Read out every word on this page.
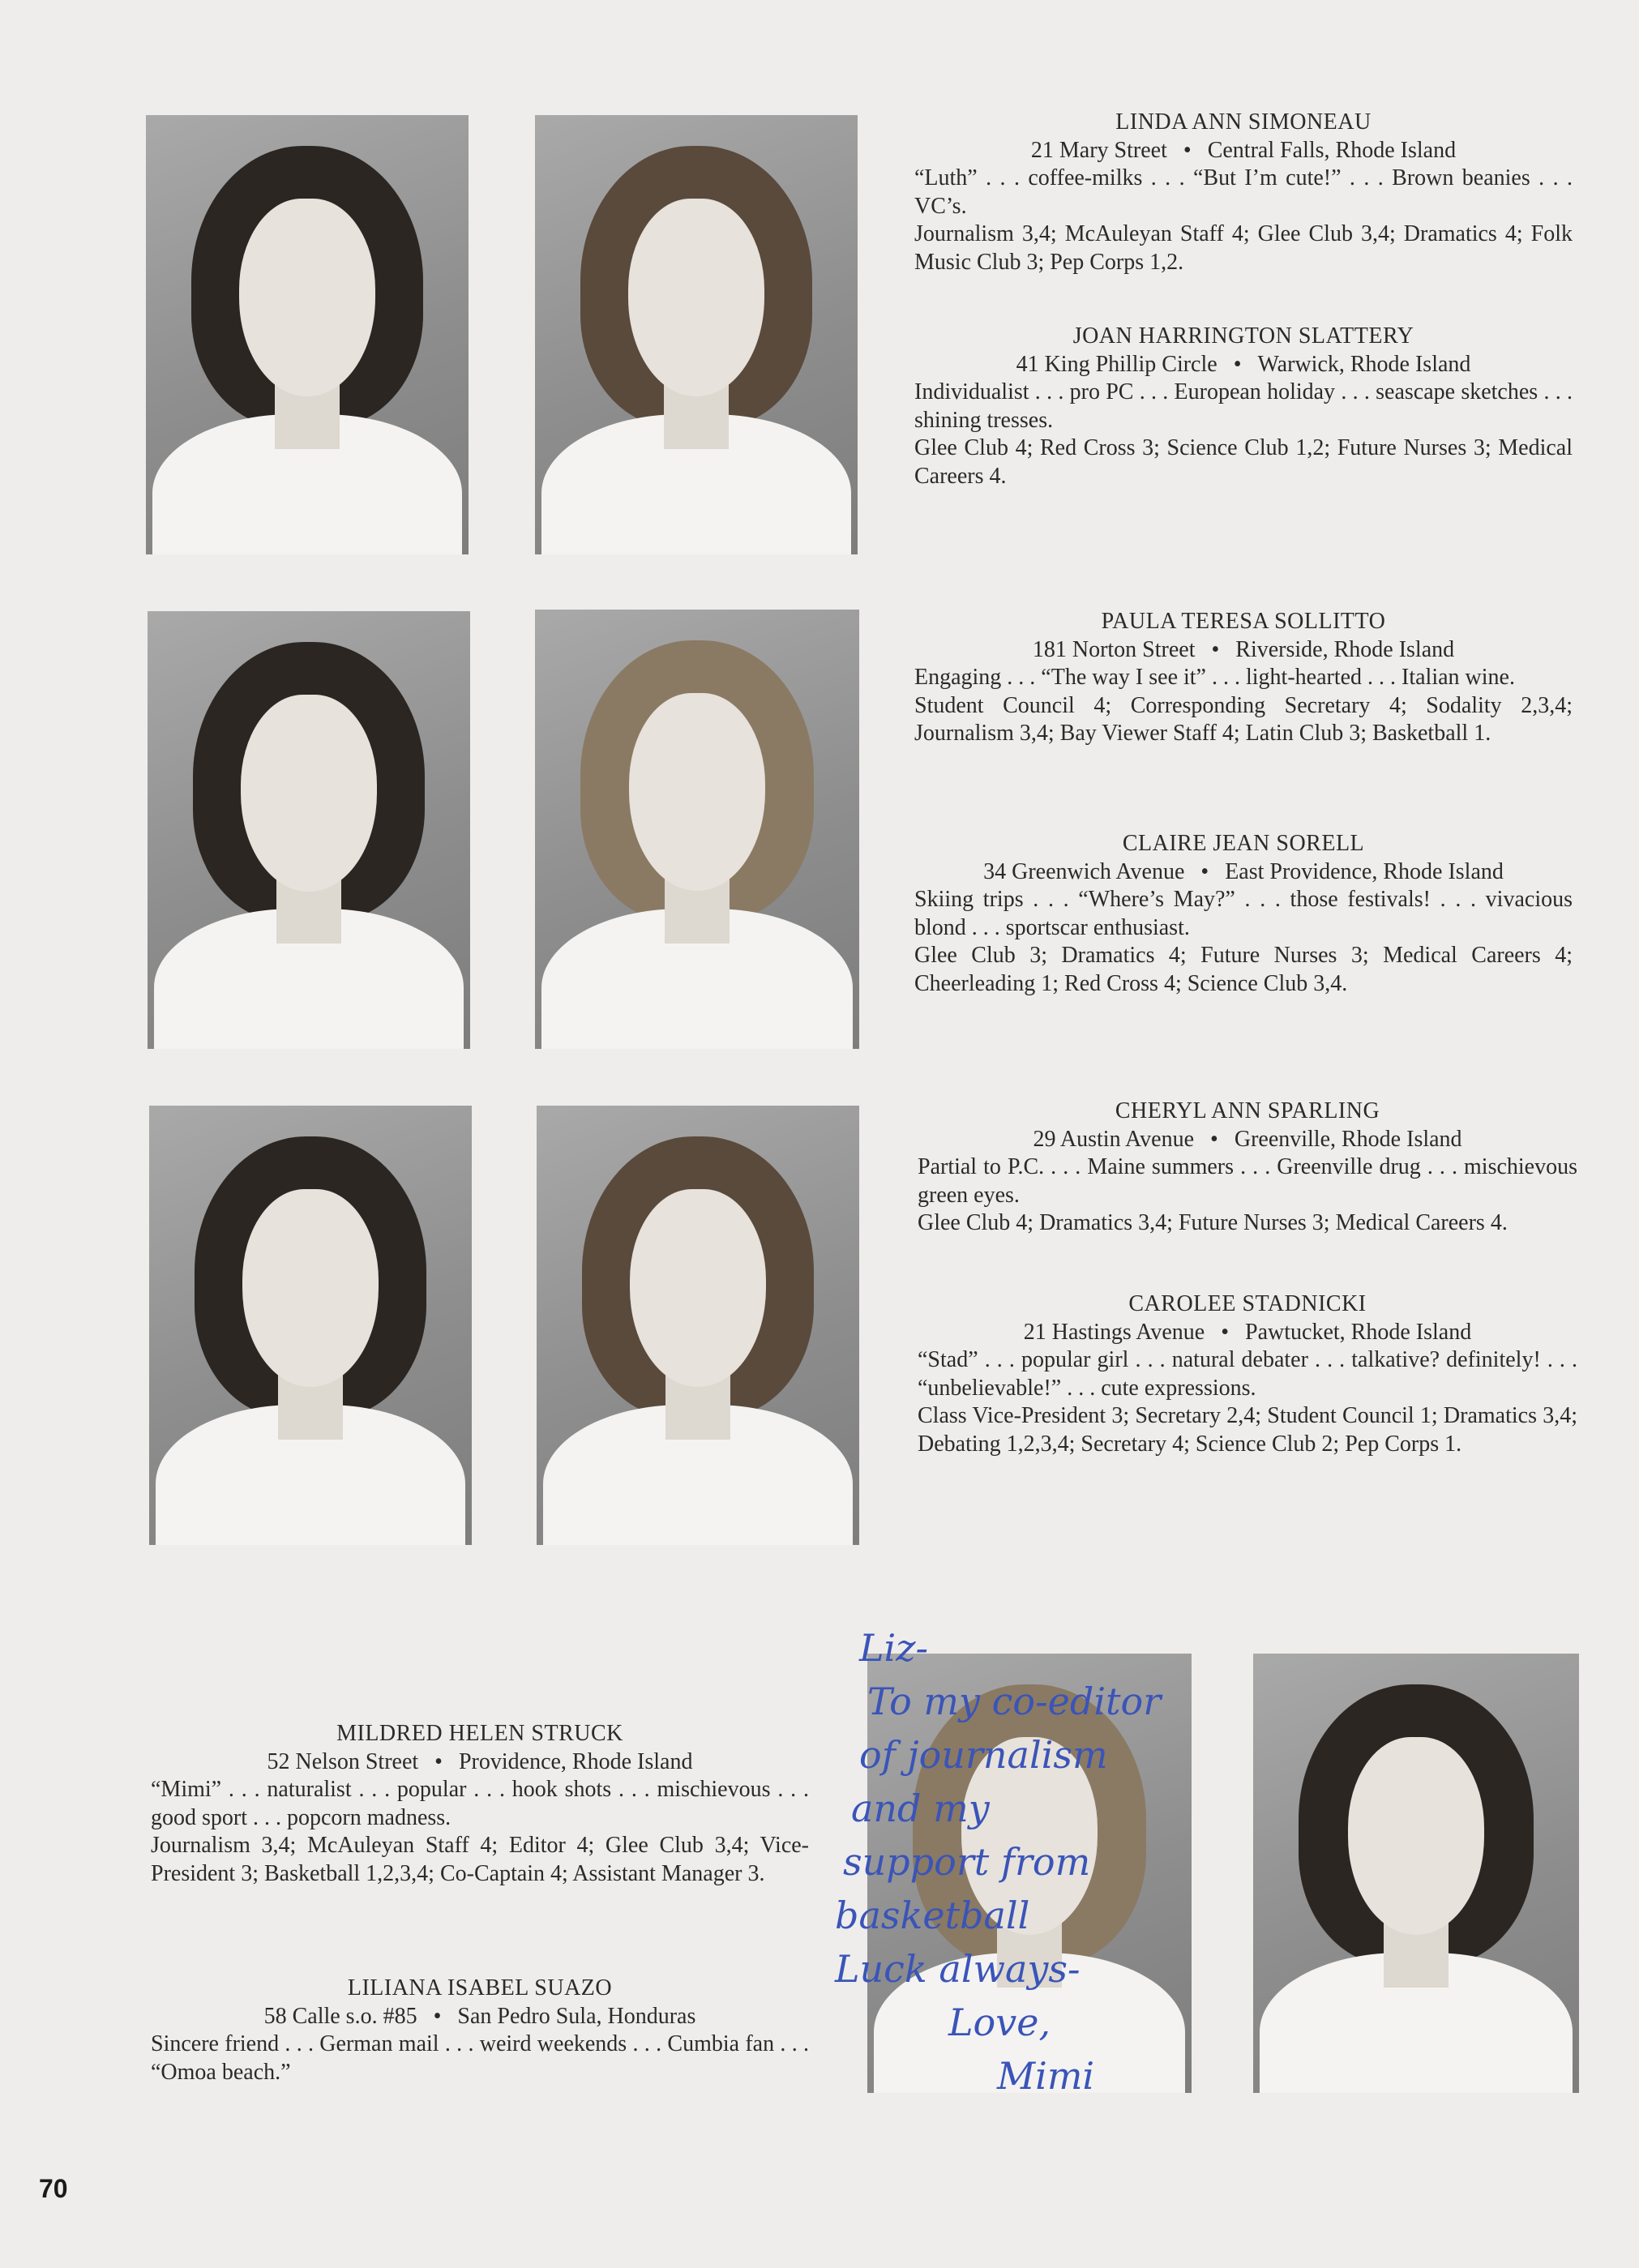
LINDA ANN SIMONEAU
21 Mary Street • Central Falls, Rhode Island
“Luth” . . . coffee-milks . . . “But I’m cute!” . . . Brown beanies . . . VC’s.
Journalism 3,4; McAuleyan Staff 4; Glee Club 3,4; Dramatics 4; Folk Music Club 3; Pep Corps 1,2.
JOAN HARRINGTON SLATTERY
41 King Phillip Circle • Warwick, Rhode Island
Individualist . . . pro PC . . . European holiday . . . seascape sketches . . . shining tresses.
Glee Club 4; Red Cross 3; Science Club 1,2; Future Nurses 3; Medical Careers 4.
PAULA TERESA SOLLITTO
181 Norton Street • Riverside, Rhode Island
Engaging . . . “The way I see it” . . . light-hearted . . . Italian wine.
Student Council 4; Corresponding Secretary 4; Sodality 2,3,4; Journalism 3,4; Bay Viewer Staff 4; Latin Club 3; Basketball 1.
CLAIRE JEAN SORELL
34 Greenwich Avenue • East Providence, Rhode Island
Skiing trips . . . “Where’s May?” . . . those festivals! . . . vivacious blond . . . sportscar enthusiast.
Glee Club 3; Dramatics 4; Future Nurses 3; Medical Careers 4; Cheerleading 1; Red Cross 4; Science Club 3,4.
CHERYL ANN SPARLING
29 Austin Avenue • Greenville, Rhode Island
Partial to P.C. . . . Maine summers . . . Greenville drug . . . mischievous green eyes.
Glee Club 4; Dramatics 3,4; Future Nurses 3; Medical Careers 4.
CAROLEE STADNICKI
21 Hastings Avenue • Pawtucket, Rhode Island
“Stad” . . . popular girl . . . natural debater . . . talkative? definitely! . . . “unbelievable!” . . . cute expressions.
Class Vice-President 3; Secretary 2,4; Student Council 1; Dramatics 3,4; Debating 1,2,3,4; Secretary 4; Science Club 2; Pep Corps 1.
MILDRED HELEN STRUCK
52 Nelson Street • Providence, Rhode Island
“Mimi” . . . naturalist . . . popular . . . hook shots . . . mischievous . . . good sport . . . popcorn madness.
Journalism 3,4; McAuleyan Staff 4; Editor 4; Glee Club 3,4; Vice-President 3; Basketball 1,2,3,4; Co-Captain 4; Assistant Manager 3.
LILIANA ISABEL SUAZO
58 Calle s.o. #85 • San Pedro Sula, Honduras
Sincere friend . . . German mail . . . weird weekends . . . Cumbia fan . . . “Omoa beach.”
Liz-
To my co-editor
of journalism
and my
support from
basketball
Luck always-
Love,
Mimi
70
